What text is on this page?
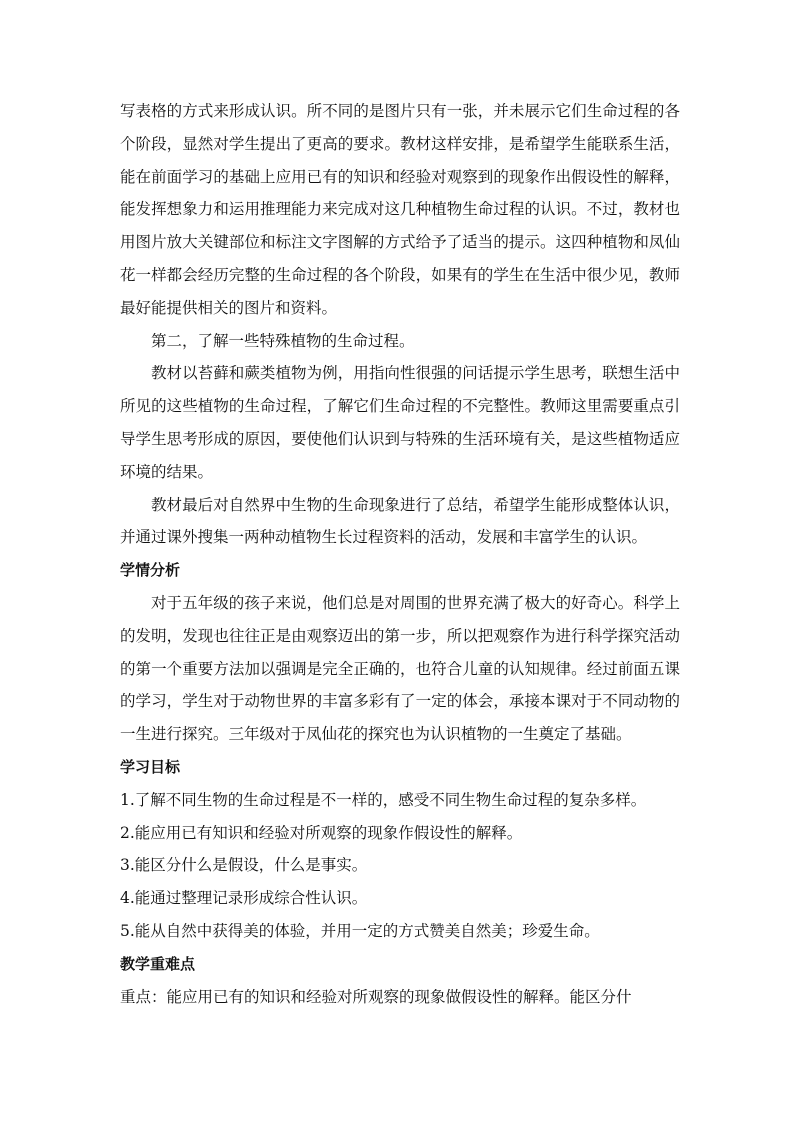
写表格的方式来形成认识。所不同的是图片只有一张，并未展示它们生命过程的各个阶段，显然对学生提出了更高的要求。教材这样安排，是希望学生能联系生活，能在前面学习的基础上应用已有的知识和经验对观察到的现象作出假设性的解释，能发挥想象力和运用推理能力来完成对这几种植物生命过程的认识。不过，教材也用图片放大关键部位和标注文字图解的方式给予了适当的提示。这四种植物和凤仙花一样都会经历完整的生命过程的各个阶段，如果有的学生在生活中很少见，教师最好能提供相关的图片和资料。

第二，了解一些特殊植物的生命过程。

教材以苔藓和蕨类植物为例，用指向性很强的问话提示学生思考，联想生活中所见的这些植物的生命过程，了解它们生命过程的不完整性。教师这里需要重点引导学生思考形成的原因，要使他们认识到与特殊的生活环境有关，是这些植物适应环境的结果。

教材最后对自然界中生物的生命现象进行了总结，希望学生能形成整体认识，并通过课外搜集一两种动植物生长过程资料的活动，发展和丰富学生的认识。

学情分析

对于五年级的孩子来说，他们总是对周围的世界充满了极大的好奇心。科学上的发明，发现也往往正是由观察迈出的第一步，所以把观察作为进行科学探究活动的第一个重要方法加以强调是完全正确的，也符合儿童的认知规律。经过前面五课的学习，学生对于动物世界的丰富多彩有了一定的体会，承接本课对于不同动物的一生进行探究。三年级对于凤仙花的探究也为认识植物的一生奠定了基础。

学习目标

1.了解不同生物的生命过程是不一样的，感受不同生物生命过程的复杂多样。

2.能应用已有知识和经验对所观察的现象作假设性的解释。

3.能区分什么是假设，什么是事实。

4.能通过整理记录形成综合性认识。

5.能从自然中获得美的体验，并用一定的方式赞美自然美；珍爱生命。

教学重难点

重点：能应用已有的知识和经验对所观察的现象做假设性的解释。能区分什
